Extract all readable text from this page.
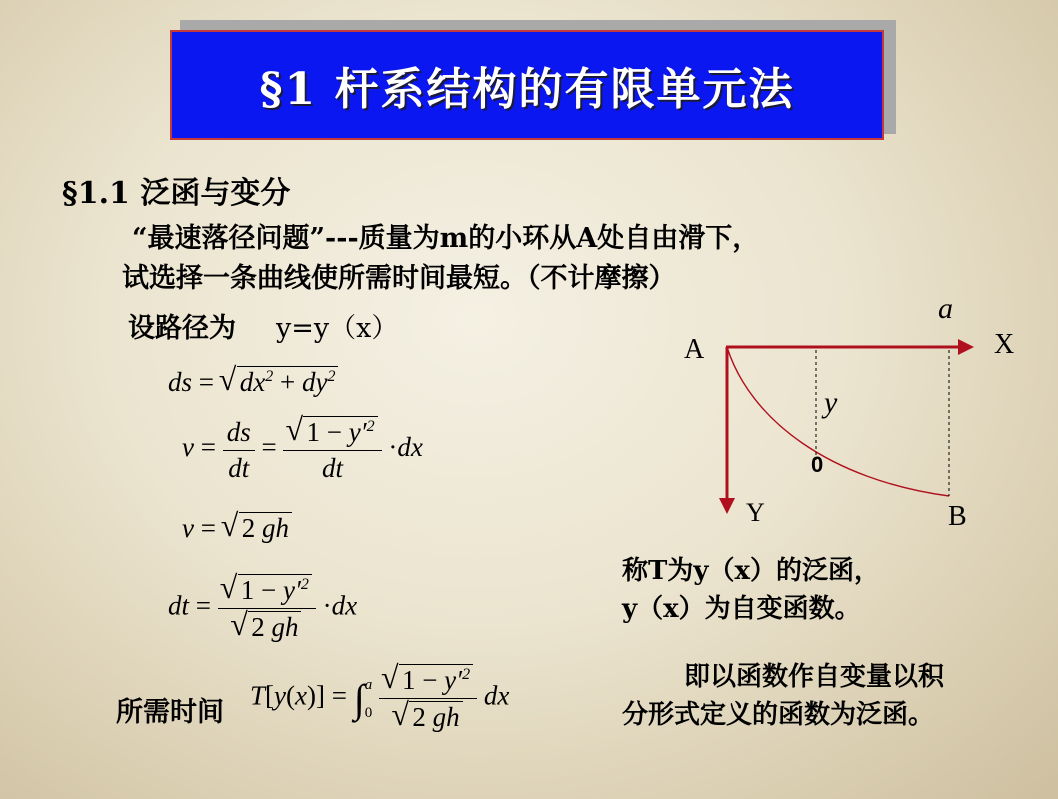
§1 杆系结构的有限单元法
§1.1 泛函与变分
“最速落径问题”---质量为m的小环从A处自由滑下，
试选择一条曲线使所需时间最短。（不计摩擦）
设路径为 y=y（x）
ds = √ $dx^2 + dy^2$
$v = \frac{ds}{dt}$ = √ $\frac{1 - y'^2}{dt} \cdot dx$
v = √ 2 gh
dt = √ $1 - y'^2$
√ 2 gh ·dx
所需时间
T[y(x)] = ∫ a
0
√ $1 - y'^2$
√ 2 gh dx
a
A	X
y
0
Y	B
称T为y（x）的泛函，
y（x）为自变函数。
即以函数作自变量以积
分形式定义的函数为泛函。
